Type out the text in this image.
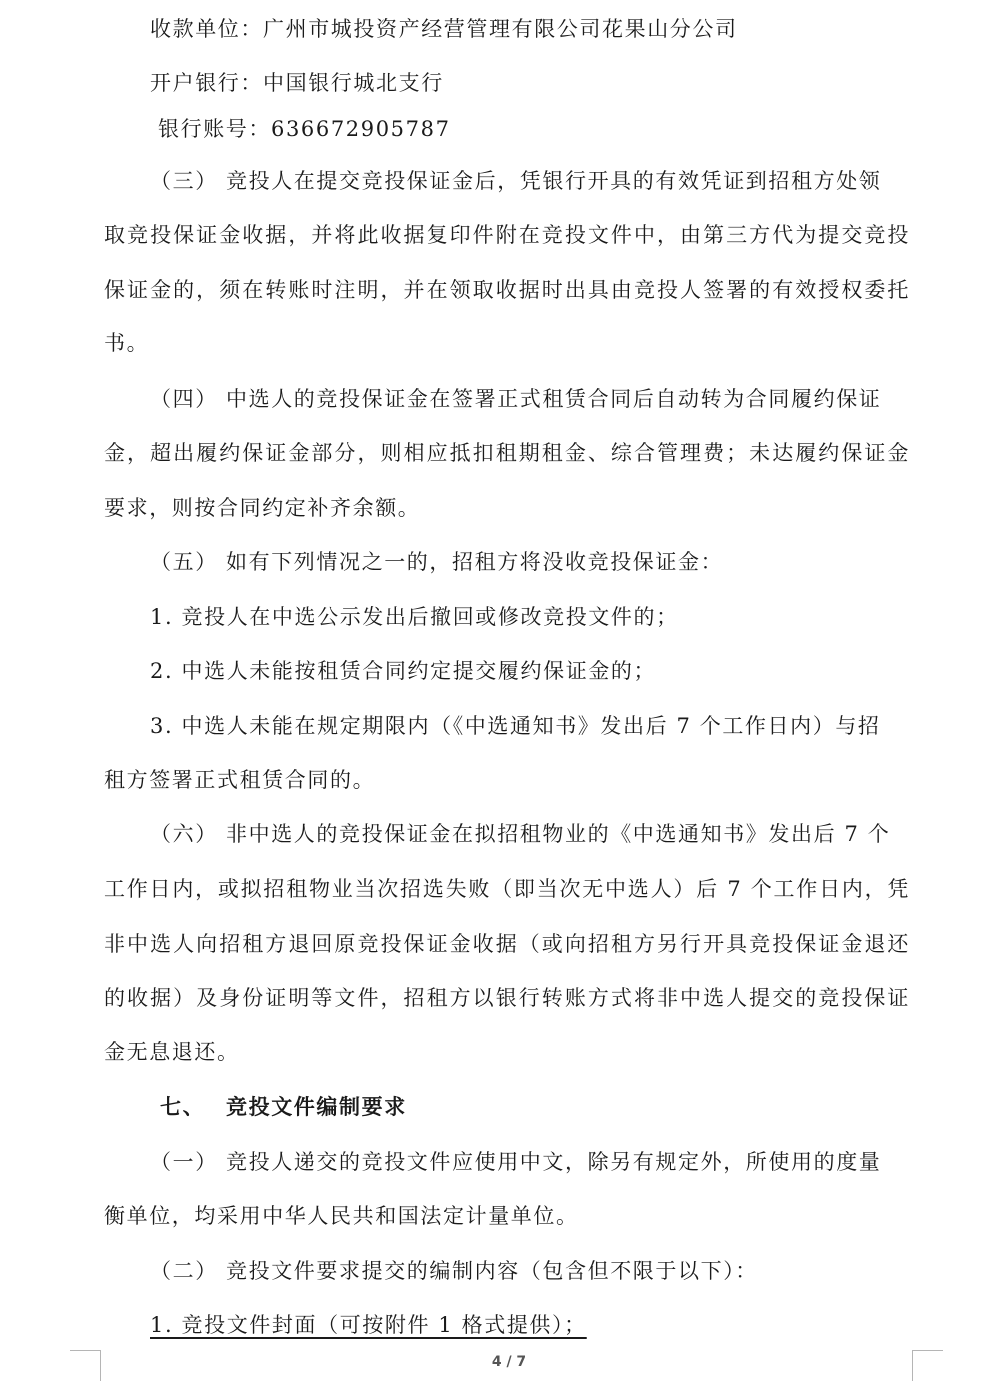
收款单位：广州市城投资产经营管理有限公司花果山分公司
开户银行：中国银行城北支行
银行账号：636672905787
（三） 竞投人在提交竞投保证金后，凭银行开具的有效凭证到招租方处领
取竞投保证金收据，并将此收据复印件附在竞投文件中，由第三方代为提交竞投
保证金的，须在转账时注明，并在领取收据时出具由竞投人签署的有效授权委托
书。
（四） 中选人的竞投保证金在签署正式租赁合同后自动转为合同履约保证
金，超出履约保证金部分，则相应抵扣租期租金、综合管理费；未达履约保证金
要求，则按合同约定补齐余额。
（五） 如有下列情况之一的，招租方将没收竞投保证金：
1. 竞投人在中选公示发出后撤回或修改竞投文件的；
2. 中选人未能按租赁合同约定提交履约保证金的；
3. 中选人未能在规定期限内（《中选通知书》发出后 7 个工作日内）与招
租方签署正式租赁合同的。
（六） 非中选人的竞投保证金在拟招租物业的《中选通知书》发出后 7 个
工作日内，或拟招租物业当次招选失败（即当次无中选人）后 7 个工作日内，凭
非中选人向招租方退回原竞投保证金收据（或向招租方另行开具竞投保证金退还
的收据）及身份证明等文件，招租方以银行转账方式将非中选人提交的竞投保证
金无息退还。
七、 竞投文件编制要求
（一） 竞投人递交的竞投文件应使用中文，除另有规定外，所使用的度量
衡单位，均采用中华人民共和国法定计量单位。
（二） 竞投文件要求提交的编制内容（包含但不限于以下）：
1. 竞投文件封面（可按附件 1 格式提供）；
4 / 7
